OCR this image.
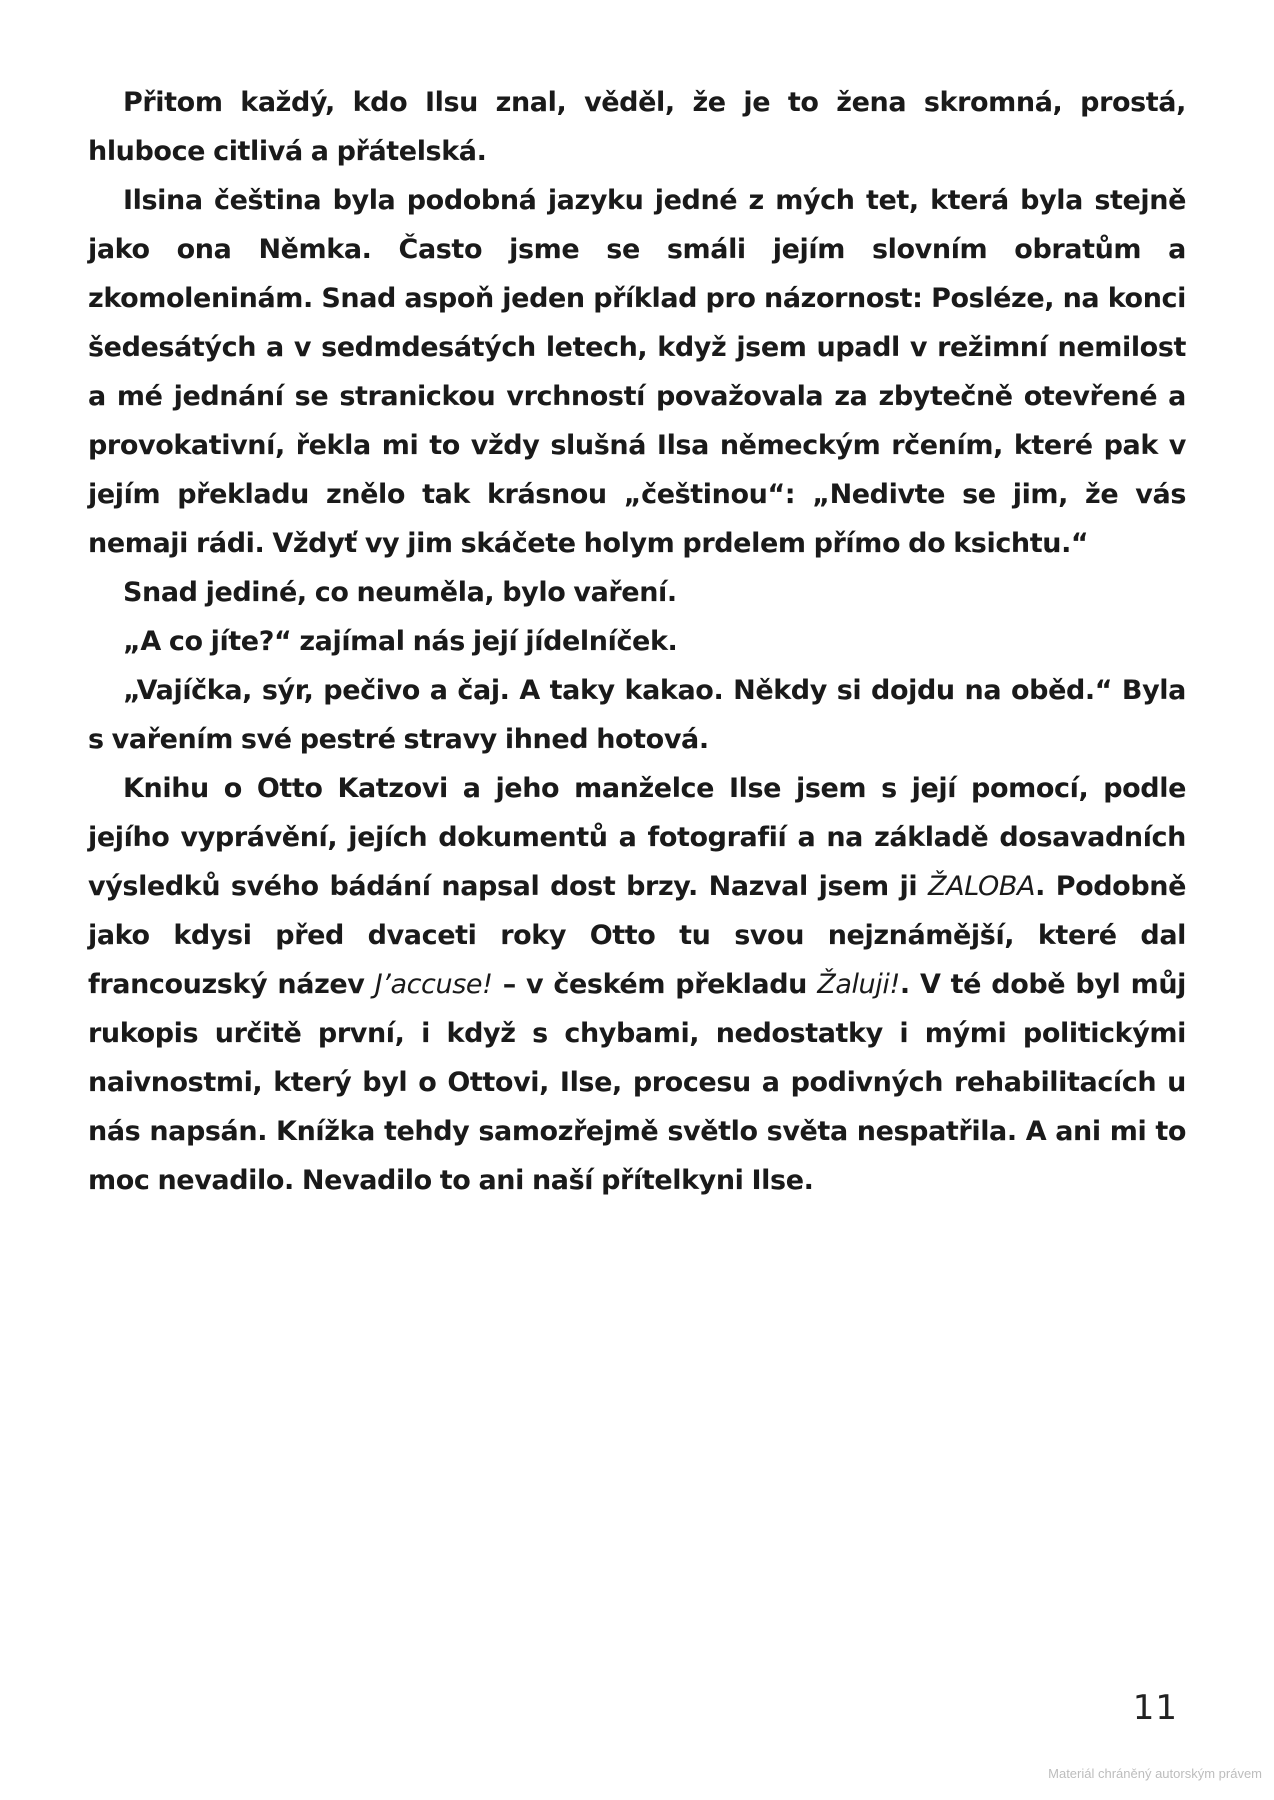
Přitom každý, kdo Ilsu znal, věděl, že je to žena skromná, prostá, hluboce citlivá a přátelská.

Ilsina čeština byla podobná jazyku jedné z mých tet, která byla stejně jako ona Němka. Často jsme se smáli jejím slovním obratům a zkomoleninám. Snad aspoň jeden příklad pro názornost: Posléze, na konci šedesátých a v sedmdesátých letech, když jsem upadl v režimní nemilost a mé jednání se stranickou vrchností považovala za zbytečně otevřené a provokativní, řekla mi to vždy slušná Ilsa německým rčením, které pak v jejím překladu znělo tak krásnou „češtinou“: „Nedivte se jim, že vás nemaji rádi. Vždyť vy jim skáčete holym prdelem přímo do ksichtu.“

Snad jediné, co neuměla, bylo vaření.

„A co jíte?“ zajímal nás její jídelníček.

„Vajíčka, sýr, pečivo a čaj. A taky kakao. Někdy si dojdu na oběd.“ Byla s vařením své pestré stravy ihned hotová.

Knihu o Otto Katzovi a jeho manželce Ilse jsem s její pomocí, podle jejího vyprávění, jejích dokumentů a fotografií a na základě dosavadních výsledků svého bádání napsal dost brzy. Nazval jsem ji ŽALOBA. Podobně jako kdysi před dvaceti roky Otto tu svou nejznámější, které dal francouzský název J’accuse! – v českém překladu Žaluji!. V té době byl můj rukopis určitě první, i když s chybami, nedostatky i mými politickými naivnostmi, který byl o Ottovi, Ilse, procesu a podivných rehabilitacích u nás napsán. Knížka tehdy samozřejmě světlo světa nespatřila. A ani mi to moc nevadilo. Nevadilo to ani naší přítelkyni Ilse.

11
Materiál chráněný autorským právem
